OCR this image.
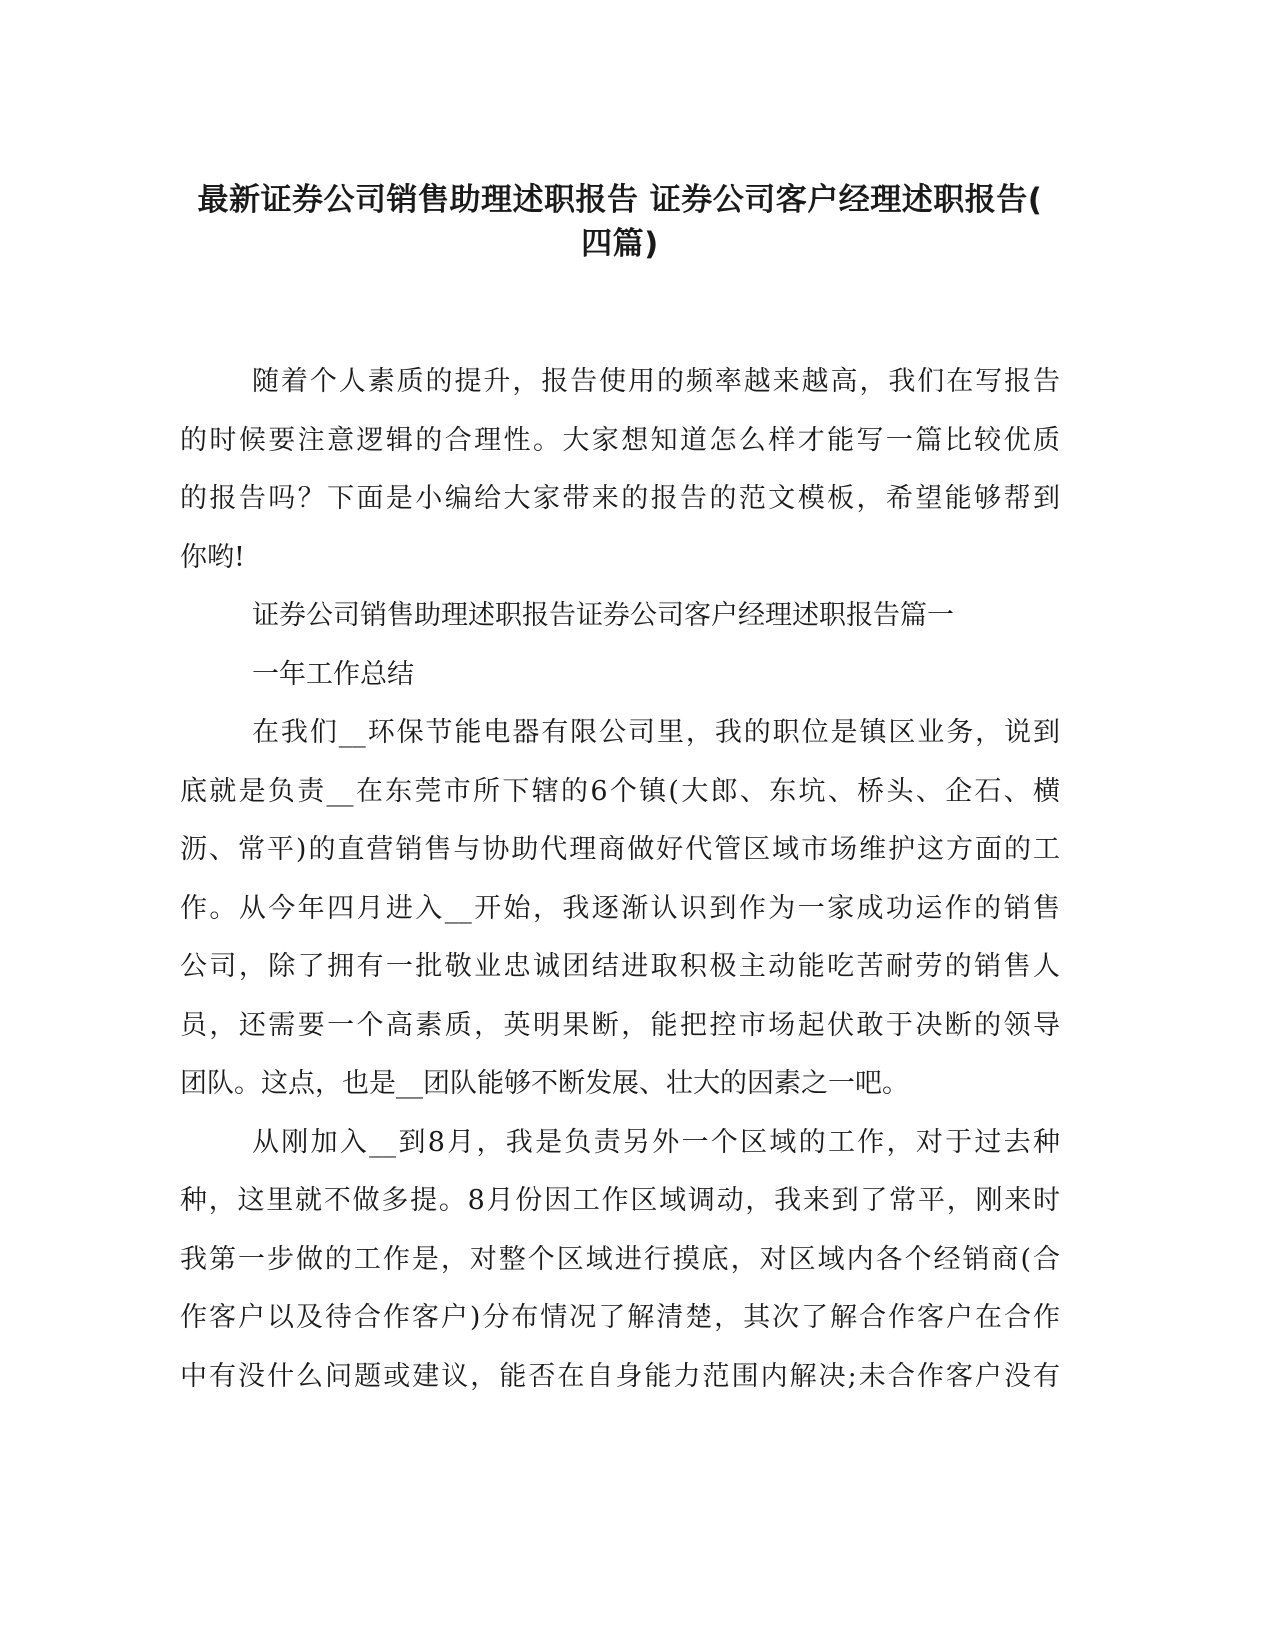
最新证券公司销售助理述职报告 证券公司客户经理述职报告(
四篇)

随着个人素质的提升，报告使用的频率越来越高，我们在写报告
的时候要注意逻辑的合理性。大家想知道怎么样才能写一篇比较优质
的报告吗？下面是小编给大家带来的报告的范文模板，希望能够帮到
你哟!

证券公司销售助理述职报告证券公司客户经理述职报告篇一

一年工作总结

在我们__环保节能电器有限公司里，我的职位是镇区业务，说到
底就是负责__在东莞市所下辖的6个镇(大郎、东坑、桥头、企石、横
沥、常平)的直营销售与协助代理商做好代管区域市场维护这方面的工
作。从今年四月进入__开始，我逐渐认识到作为一家成功运作的销售
公司，除了拥有一批敬业忠诚团结进取积极主动能吃苦耐劳的销售人
员，还需要一个高素质，英明果断，能把控市场起伏敢于决断的领导
团队。这点，也是__团队能够不断发展、壮大的因素之一吧。

从刚加入__到8月，我是负责另外一个区域的工作，对于过去种
种，这里就不做多提。8月份因工作区域调动，我来到了常平，刚来时
我第一步做的工作是，对整个区域进行摸底，对区域内各个经销商(合
作客户以及待合作客户)分布情况了解清楚，其次了解合作客户在合作
中有没什么问题或建议，能否在自身能力范围内解决;未合作客户没有
